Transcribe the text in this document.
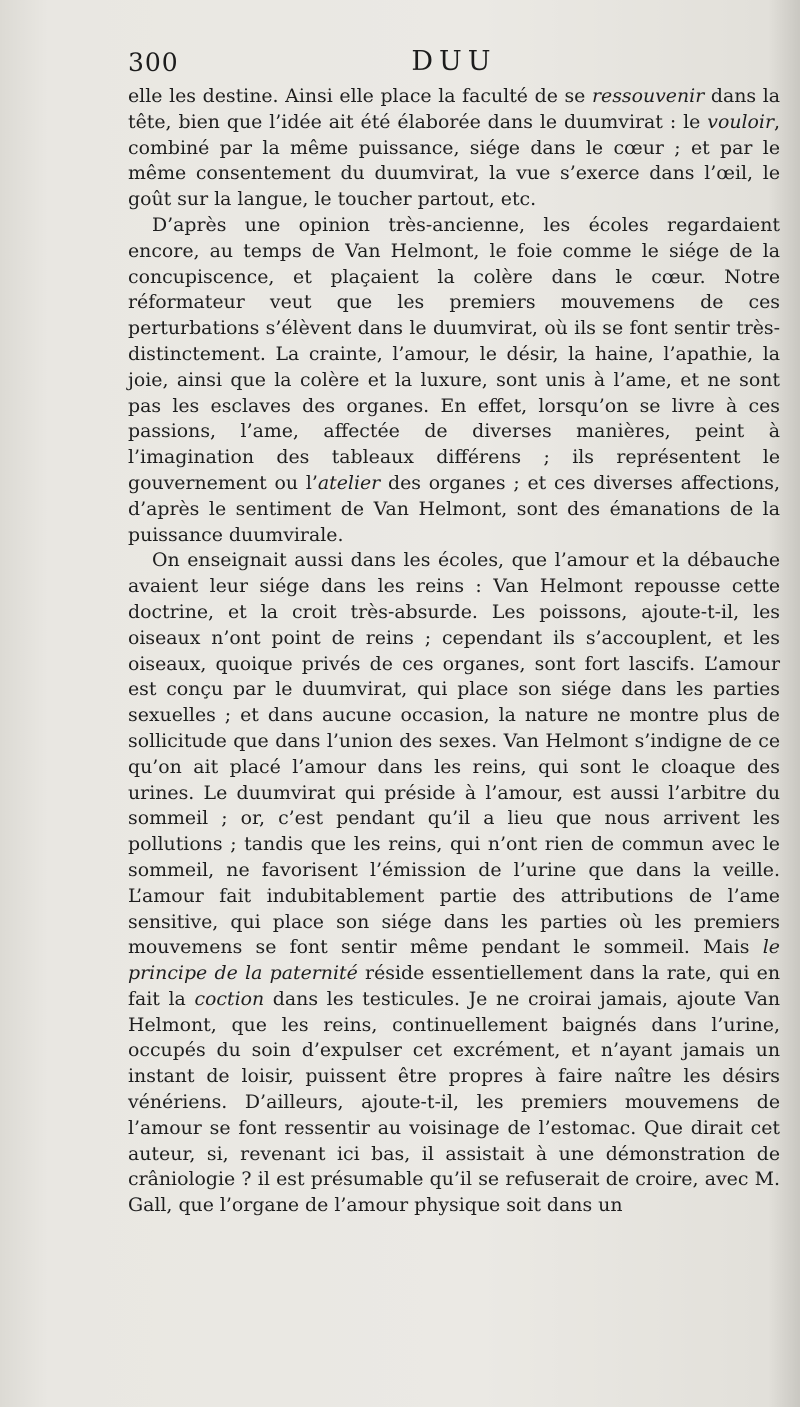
300	DUU

elle les destine. Ainsi elle place la faculté de se ressouvenir dans la tête, bien que l’idée ait été élaborée dans le duumvirat : le vouloir, combiné par la même puissance, siége dans le cœur ; et par le même consentement du duumvirat, la vue s’exerce dans l’œil, le goût sur la langue, le toucher partout, etc.

D’après une opinion très-ancienne, les écoles regardaient encore, au temps de Van Helmont, le foie comme le siége de la concupiscence, et plaçaient la colère dans le cœur. Notre réformateur veut que les premiers mouvemens de ces perturbations s’élèvent dans le duumvirat, où ils se font sentir très-distinctement. La crainte, l’amour, le désir, la haine, l’apathie, la joie, ainsi que la colère et la luxure, sont unis à l’ame, et ne sont pas les esclaves des organes. En effet, lorsqu’on se livre à ces passions, l’ame, affectée de diverses manières, peint à l’imagination des tableaux différens ; ils représentent le gouvernement ou l’atelier des organes ; et ces diverses affections, d’après le sentiment de Van Helmont, sont des émanations de la puissance duumvirale.

On enseignait aussi dans les écoles, que l’amour et la débauche avaient leur siége dans les reins : Van Helmont repousse cette doctrine, et la croit très-absurde. Les poissons, ajoute-t-il, les oiseaux n’ont point de reins ; cependant ils s’accouplent, et les oiseaux, quoique privés de ces organes, sont fort lascifs. L’amour est conçu par le duumvirat, qui place son siége dans les parties sexuelles ; et dans aucune occasion, la nature ne montre plus de sollicitude que dans l’union des sexes. Van Helmont s’indigne de ce qu’on ait placé l’amour dans les reins, qui sont le cloaque des urines. Le duumvirat qui préside à l’amour, est aussi l’arbitre du sommeil ; or, c’est pendant qu’il a lieu que nous arrivent les pollutions ; tandis que les reins, qui n’ont rien de commun avec le sommeil, ne favorisent l’émission de l’urine que dans la veille. L’amour fait indubitablement partie des attributions de l’ame sensitive, qui place son siége dans les parties où les premiers mouvemens se font sentir même pendant le sommeil. Mais le principe de la paternité réside essentiellement dans la rate, qui en fait la coction dans les testicules. Je ne croirai jamais, ajoute Van Helmont, que les reins, continuellement baignés dans l’urine, occupés du soin d’expulser cet excrément, et n’ayant jamais un instant de loisir, puissent être propres à faire naître les désirs vénériens. D’ailleurs, ajoute-t-il, les premiers mouvemens de l’amour se font ressentir au voisinage de l’estomac. Que dirait cet auteur, si, revenant ici bas, il assistait à une démonstration de crâniologie ? il est présumable qu’il se refuserait de croire, avec M. Gall, que l’organe de l’amour physique soit dans un
